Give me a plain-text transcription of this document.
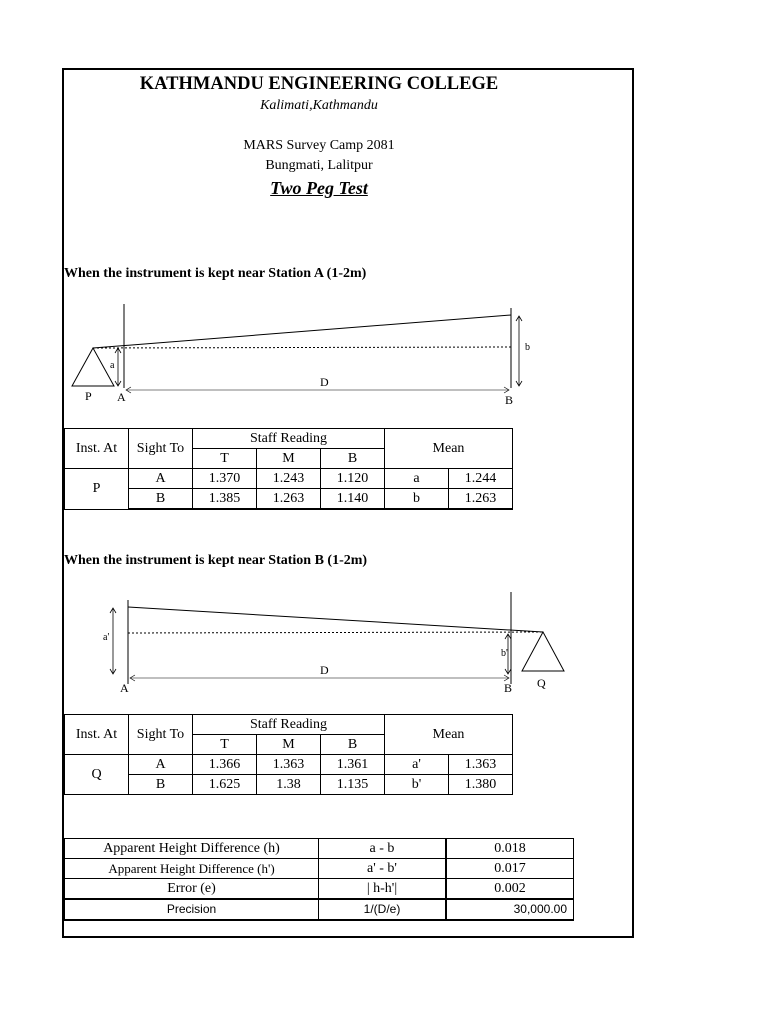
KATHMANDU ENGINEERING COLLEGE
Kalimati,Kathmandu
MARS Survey Camp 2081
Bungmati, Lalitpur
Two Peg Test
When the instrument is kept near Station A (1-2m)
a
b
D
P A	B
Inst. At	Sight To	Staff Reading			Mean	
		T	M	B		
P	A	1.370	1.243	1.120	a	1.244
	B	1.385	1.263	1.140	b	1.263
When the instrument is kept near Station B (1-2m)
a'
b'
D
A	B Q
Inst. At	Sight To	Staff Reading			Mean	
		T	M	B		
Q	A	1.366	1.363	1.361	a'	1.363
	B	1.625	1.38	1.135	b'	1.380
Apparent Height Difference (h)	a - b	0.018
Apparent Height Difference (h')	a' - b'	0.017
Error (e)	| h-h'|	0.002
Precision	1/(D/e)	30,000.00
